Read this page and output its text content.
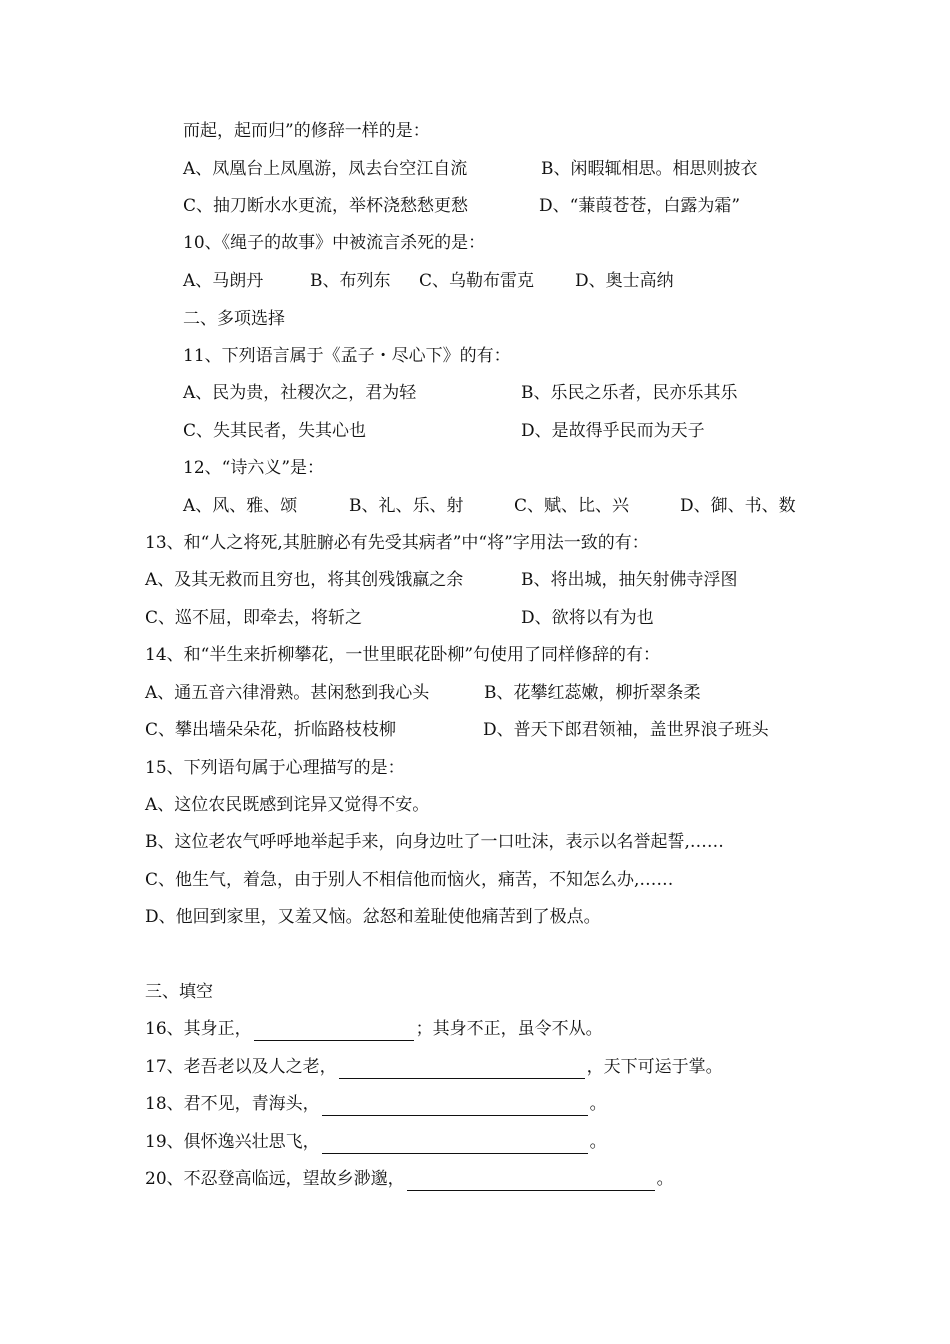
而起，起而归”的修辞一样的是：
A、凤凰台上凤凰游，凤去台空江自流	B、闲暇辄相思。相思则披衣
C、抽刀断水水更流，举杯浇愁愁更愁	D、“蒹葭苍苍，白露为霜”
10、《绳子的故事》中被流言杀死的是：
A、马朗丹	B、布列东 C、乌勒布雷克 D、奥士高纳
二、多项选择
11、下列语言属于《孟子・尽心下》的有：
A、民为贵，社稷次之，君为轻	B、乐民之乐者，民亦乐其乐
C、失其民者，失其心也	D、是故得乎民而为天子
12、“诗六义”是：
A、风、雅、颂	B、礼、乐、射	C、赋、比、兴	D、御、书、数
13、和“人之将死,其脏腑必有先受其病者”中“将”字用法一致的有：
A、及其无救而且穷也，将其创残饿羸之余	B、将出城，抽矢射佛寺浮图
C、巡不屈，即牵去，将斩之	D、欲将以有为也
14、和“半生来折柳攀花，一世里眠花卧柳”句使用了同样修辞的有：
A、通五音六律滑熟。甚闲愁到我心头	B、花攀红蕊嫩，柳折翠条柔
C、攀出墙朵朵花，折临路枝枝柳	D、普天下郎君领袖，盖世界浪子班头
15、下列语句属于心理描写的是：
A、这位农民既感到诧异又觉得不安。
B、这位老农气呼呼地举起手来，向身边吐了一口吐沫，表示以名誉起誓,……
C、他生气，着急，由于别人不相信他而恼火，痛苦，不知怎么办,……
D、他回到家里，又羞又恼。忿怒和羞耻使他痛苦到了极点。
三、填空
16、其身正，	；其身不正，虽令不从。
17、老吾老以及人之老，	，天下可运于掌。
18、君不见，青海头，	。
19、俱怀逸兴壮思飞，	。
20、不忍登高临远，望故乡渺邈，	。
